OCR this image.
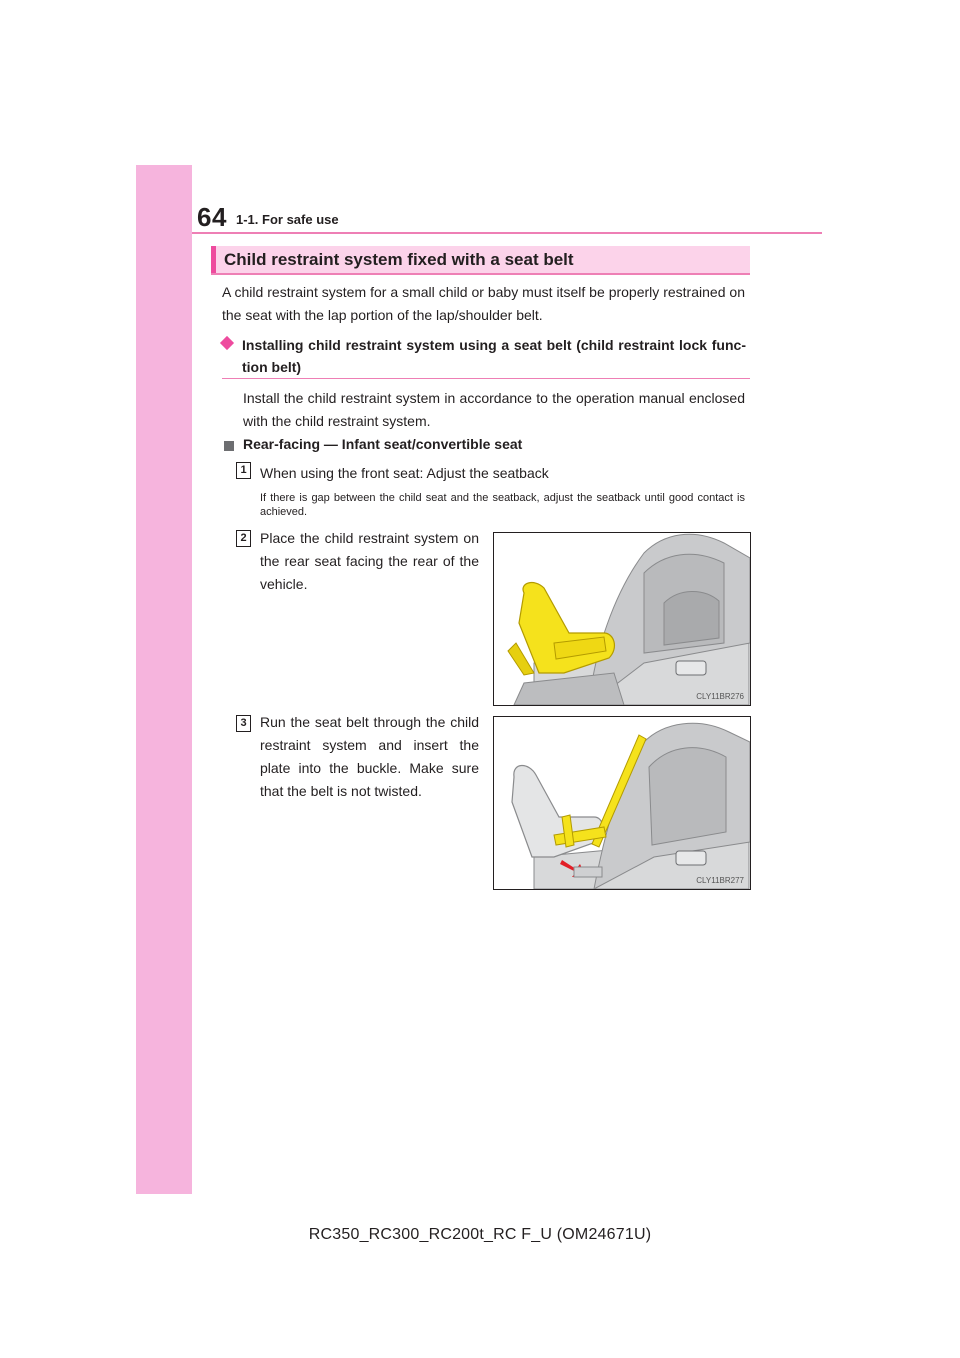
64 1-1. For safe use
Child restraint system fixed with a seat belt
A child restraint system for a small child or baby must itself be properly restrained on the seat with the lap portion of the lap/shoulder belt.
Installing child restraint system using a seat belt (child restraint lock func-tion belt)
Install the child restraint system in accordance to the operation manual enclosed with the child restraint system.
Rear-facing — Infant seat/convertible seat
1 When using the front seat: Adjust the seatback
If there is gap between the child seat and the seatback, adjust the seatback until good contact is achieved.
2 Place the child restraint system on the rear seat facing the rear of the vehicle.
CLY11BR276
3 Run the seat belt through the child restraint system and insert the plate into the buckle. Make sure that the belt is not twisted.
CLY11BR277
RC350_RC300_RC200t_RC F_U (OM24671U)
